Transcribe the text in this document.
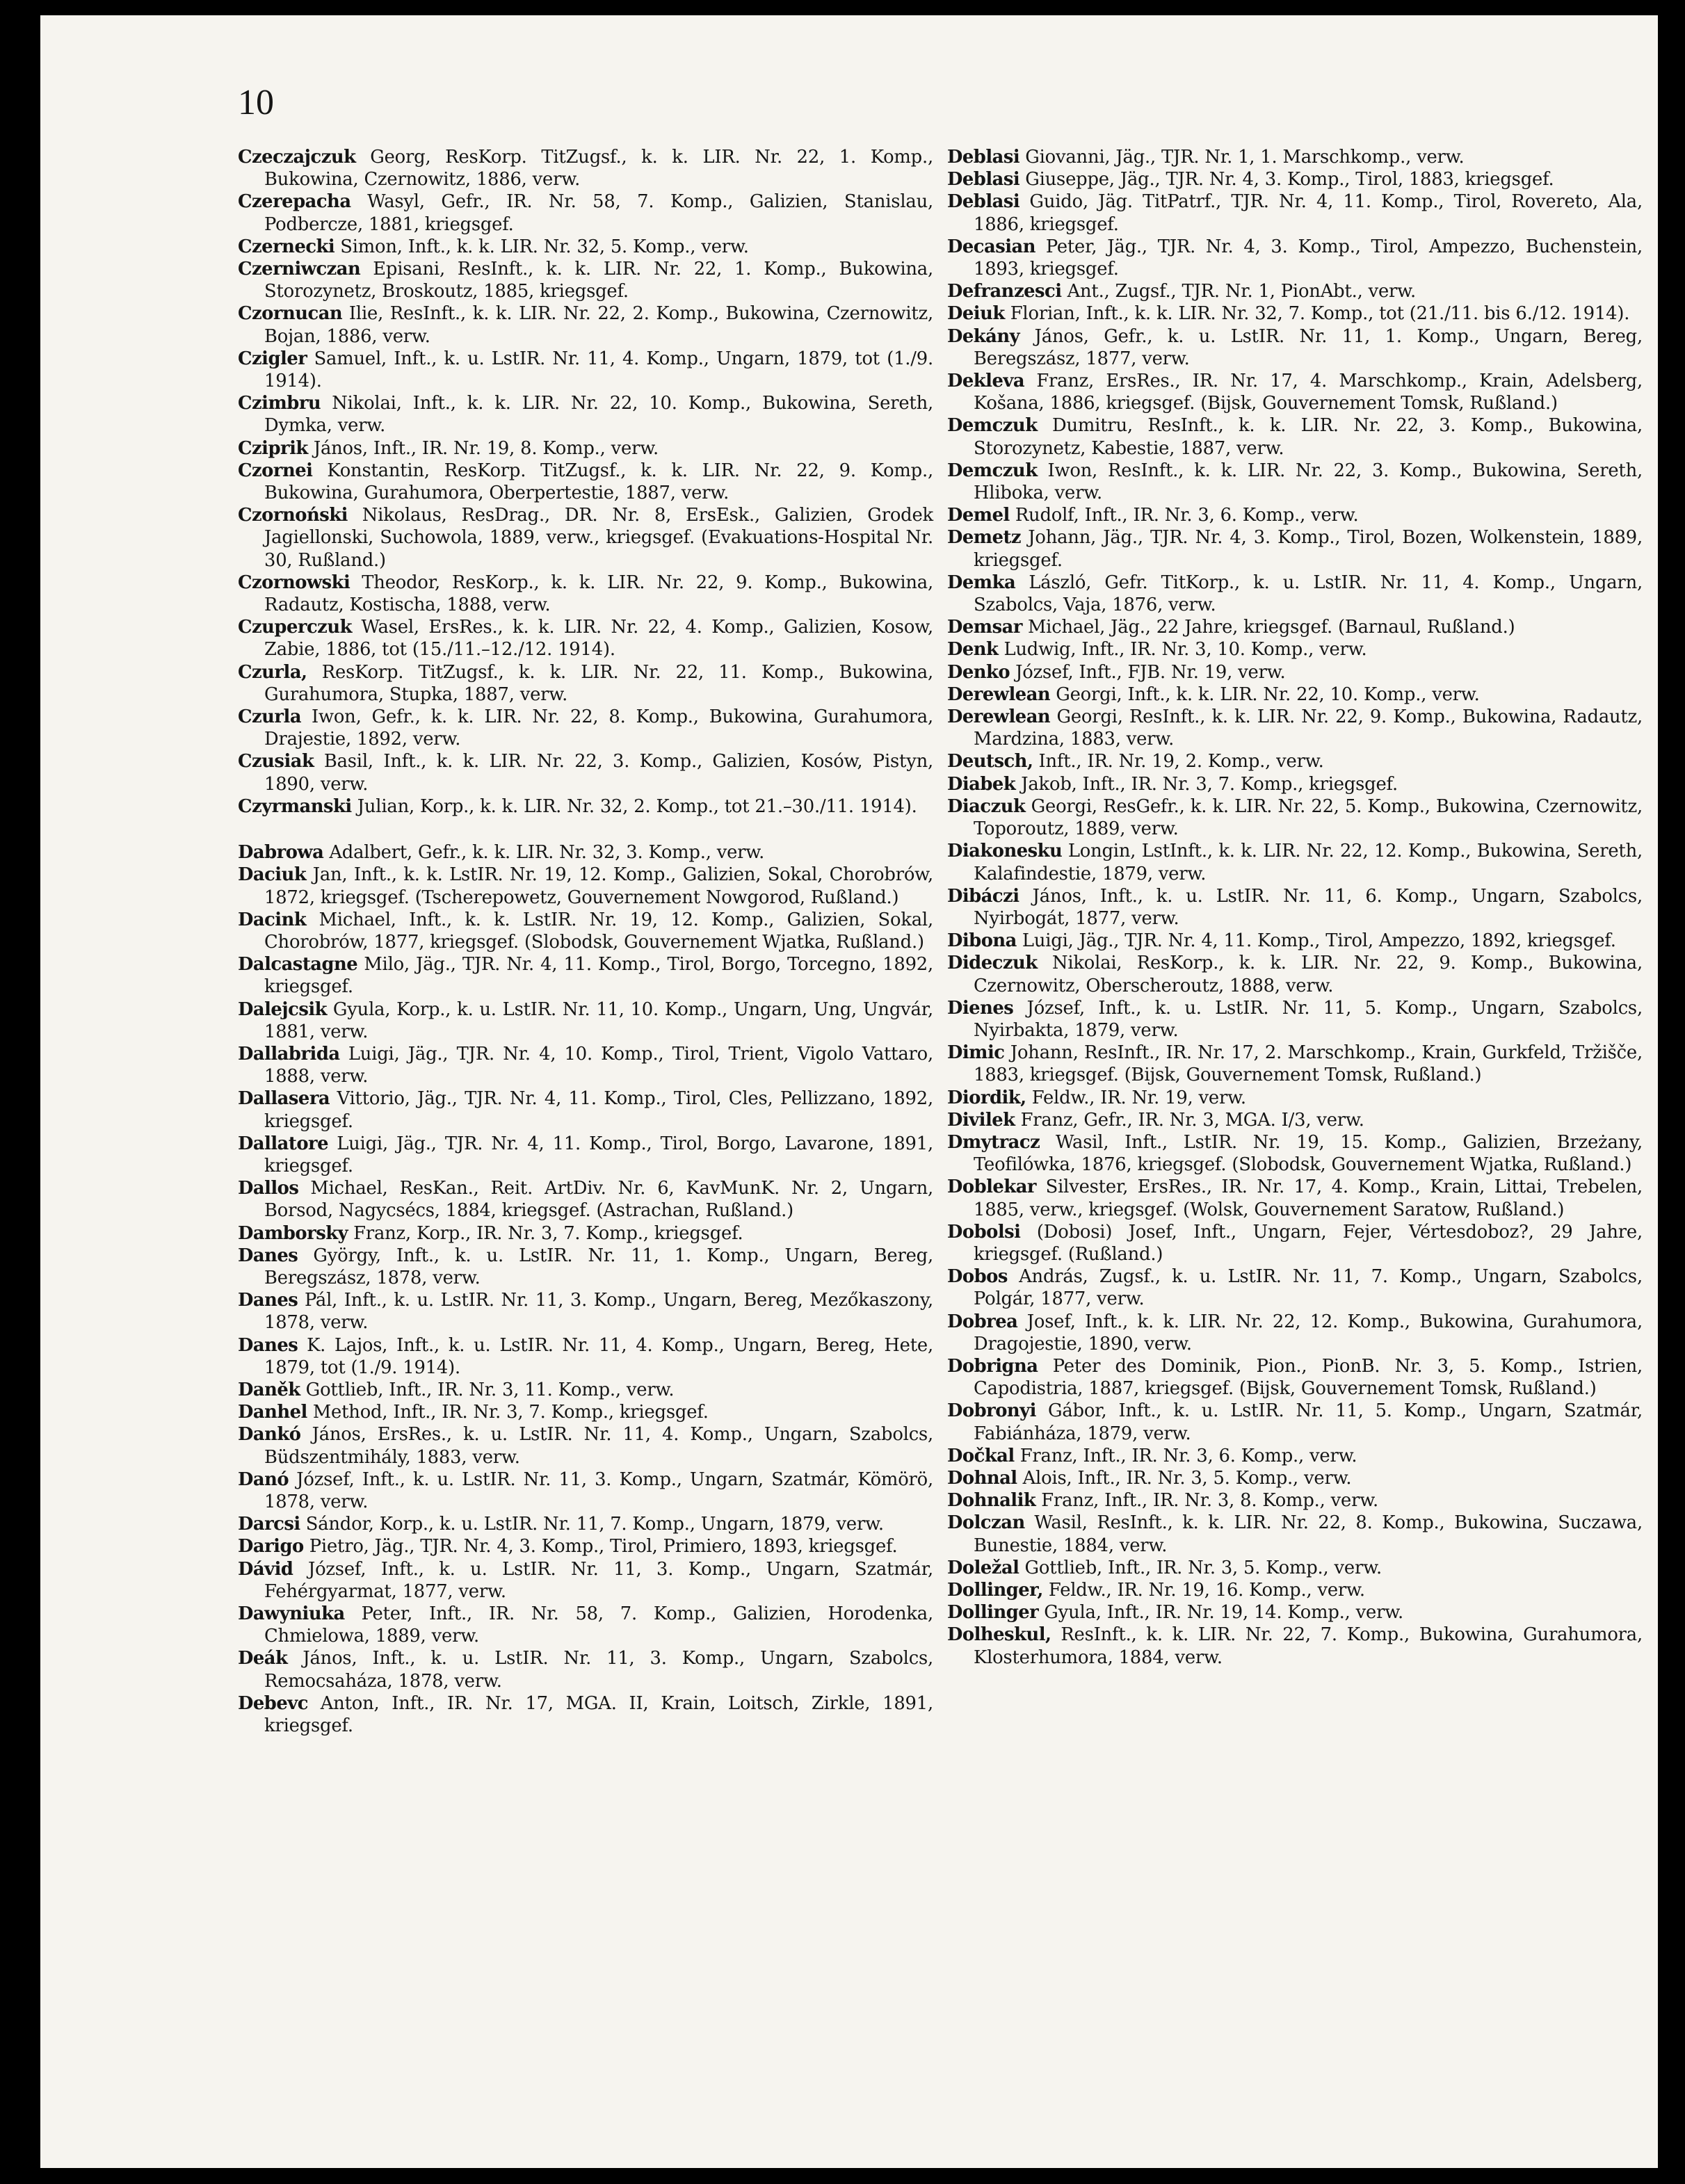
10
Czeczajczuk Georg, ResKorp. TitZugsf., k. k. LIR. Nr. 22, 1. Komp., Bukowina, Czernowitz, 1886, verw.
Czerepacha Wasyl, Gefr., IR. Nr. 58, 7. Komp., Galizien, Stanislau, Podbercze, 1881, kriegsgef.
Czernecki Simon, Inft., k. k. LIR. Nr. 32, 5. Komp., verw.
Czerniwczan Episani, ResInft., k. k. LIR. Nr. 22, 1. Komp., Bukowina, Storozynetz, Broskoutz, 1885, kriegsgef.
Czornucan Ilie, ResInft., k. k. LIR. Nr. 22, 2. Komp., Bukowina, Czernowitz, Bojan, 1886, verw.
Czigler Samuel, Inft., k. u. LstIR. Nr. 11, 4. Komp., Ungarn, 1879, tot (1./9. 1914).
Czimbru Nikolai, Inft., k. k. LIR. Nr. 22, 10. Komp., Bukowina, Sereth, Dymka, verw.
Cziprik János, Inft., IR. Nr. 19, 8. Komp., verw.
Czornei Konstantin, ResKorp. TitZugsf., k. k. LIR. Nr. 22, 9. Komp., Bukowina, Gurahumora, Oberpertestie, 1887, verw.
Czornoński Nikolaus, ResDrag., DR. Nr. 8, ErsEsk., Galizien, Grodek Jagiellonski, Suchowola, 1889, verw., kriegsgef. (Evakuations-Hospital Nr. 30, Rußland.)
Czornowski Theodor, ResKorp., k. k. LIR. Nr. 22, 9. Komp., Bukowina, Radautz, Kostischa, 1888, verw.
Czuperczuk Wasel, ErsRes., k. k. LIR. Nr. 22, 4. Komp., Galizien, Kosow, Zabie, 1886, tot (15./11.–12./12. 1914).
Czurla, ResKorp. TitZugsf., k. k. LIR. Nr. 22, 11. Komp., Bukowina, Gurahumora, Stupka, 1887, verw.
Czurla Iwon, Gefr., k. k. LIR. Nr. 22, 8. Komp., Bukowina, Gurahumora, Drajestie, 1892, verw.
Czusiak Basil, Inft., k. k. LIR. Nr. 22, 3. Komp., Galizien, Kosów, Pistyn, 1890, verw.
Czyrmanski Julian, Korp., k. k. LIR. Nr. 32, 2. Komp., tot 21.–30./11. 1914).
Dabrowa Adalbert, Gefr., k. k. LIR. Nr. 32, 3. Komp., verw.
Daciuk Jan, Inft., k. k. LstIR. Nr. 19, 12. Komp., Galizien, Sokal, Chorobrów, 1872, kriegsgef. (Tscherepowetz, Gouvernement Nowgorod, Rußland.)
Dacink Michael, Inft., k. k. LstIR. Nr. 19, 12. Komp., Galizien, Sokal, Chorobrów, 1877, kriegsgef. (Slobodsk, Gouvernement Wjatka, Rußland.)
Dalcastagne Milo, Jäg., TJR. Nr. 4, 11. Komp., Tirol, Borgo, Torcegno, 1892, kriegsgef.
Dalejcsik Gyula, Korp., k. u. LstIR. Nr. 11, 10. Komp., Ungarn, Ung, Ungvár, 1881, verw.
Dallabrida Luigi, Jäg., TJR. Nr. 4, 10. Komp., Tirol, Trient, Vigolo Vattaro, 1888, verw.
Dallasera Vittorio, Jäg., TJR. Nr. 4, 11. Komp., Tirol, Cles, Pellizzano, 1892, kriegsgef.
Dallatore Luigi, Jäg., TJR. Nr. 4, 11. Komp., Tirol, Borgo, Lavarone, 1891, kriegsgef.
Dallos Michael, ResKan., Reit. ArtDiv. Nr. 6, KavMunK. Nr. 2, Ungarn, Borsod, Nagycsécs, 1884, kriegsgef. (Astrachan, Rußland.)
Damborsky Franz, Korp., IR. Nr. 3, 7. Komp., kriegsgef.
Danes György, Inft., k. u. LstIR. Nr. 11, 1. Komp., Ungarn, Bereg, Beregszász, 1878, verw.
Danes Pál, Inft., k. u. LstIR. Nr. 11, 3. Komp., Ungarn, Bereg, Mezőkaszony, 1878, verw.
Danes K. Lajos, Inft., k. u. LstIR. Nr. 11, 4. Komp., Ungarn, Bereg, Hete, 1879, tot (1./9. 1914).
Daněk Gottlieb, Inft., IR. Nr. 3, 11. Komp., verw.
Danhel Method, Inft., IR. Nr. 3, 7. Komp., kriegsgef.
Dankó János, ErsRes., k. u. LstIR. Nr. 11, 4. Komp., Ungarn, Szabolcs, Büdszentmihály, 1883, verw.
Danó József, Inft., k. u. LstIR. Nr. 11, 3. Komp., Ungarn, Szatmár, Kömörö, 1878, verw.
Darcsi Sándor, Korp., k. u. LstIR. Nr. 11, 7. Komp., Ungarn, 1879, verw.
Darigo Pietro, Jäg., TJR. Nr. 4, 3. Komp., Tirol, Primiero, 1893, kriegsgef.
Dávid József, Inft., k. u. LstIR. Nr. 11, 3. Komp., Ungarn, Szatmár, Fehérgyarmat, 1877, verw.
Dawyniuka Peter, Inft., IR. Nr. 58, 7. Komp., Galizien, Horodenka, Chmielowa, 1889, verw.
Deák János, Inft., k. u. LstIR. Nr. 11, 3. Komp., Ungarn, Szabolcs, Remocsaháza, 1878, verw.
Debevc Anton, Inft., IR. Nr. 17, MGA. II, Krain, Loitsch, Zirkle, 1891, kriegsgef.
Deblasi Giovanni, Jäg., TJR. Nr. 1, 1. Marschkomp., verw.
Deblasi Giuseppe, Jäg., TJR. Nr. 4, 3. Komp., Tirol, 1883, kriegsgef.
Deblasi Guido, Jäg. TitPatrf., TJR. Nr. 4, 11. Komp., Tirol, Rovereto, Ala, 1886, kriegsgef.
Decasian Peter, Jäg., TJR. Nr. 4, 3. Komp., Tirol, Ampezzo, Buchenstein, 1893, kriegsgef.
Defranzesci Ant., Zugsf., TJR. Nr. 1, PionAbt., verw.
Deiuk Florian, Inft., k. k. LIR. Nr. 32, 7. Komp., tot (21./11. bis 6./12. 1914).
Dekány János, Gefr., k. u. LstIR. Nr. 11, 1. Komp., Ungarn, Bereg, Beregszász, 1877, verw.
Dekleva Franz, ErsRes., IR. Nr. 17, 4. Marschkomp., Krain, Adelsberg, Košana, 1886, kriegsgef. (Bijsk, Gouvernement Tomsk, Rußland.)
Demczuk Dumitru, ResInft., k. k. LIR. Nr. 22, 3. Komp., Bukowina, Storozynetz, Kabestie, 1887, verw.
Demczuk Iwon, ResInft., k. k. LIR. Nr. 22, 3. Komp., Bukowina, Sereth, Hliboka, verw.
Demel Rudolf, Inft., IR. Nr. 3, 6. Komp., verw.
Demetz Johann, Jäg., TJR. Nr. 4, 3. Komp., Tirol, Bozen, Wolkenstein, 1889, kriegsgef.
Demka László, Gefr. TitKorp., k. u. LstIR. Nr. 11, 4. Komp., Ungarn, Szabolcs, Vaja, 1876, verw.
Demsar Michael, Jäg., 22 Jahre, kriegsgef. (Barnaul, Rußland.)
Denk Ludwig, Inft., IR. Nr. 3, 10. Komp., verw.
Denko József, Inft., FJB. Nr. 19, verw.
Derewlean Georgi, Inft., k. k. LIR. Nr. 22, 10. Komp., verw.
Derewlean Georgi, ResInft., k. k. LIR. Nr. 22, 9. Komp., Bukowina, Radautz, Mardzina, 1883, verw.
Deutsch, Inft., IR. Nr. 19, 2. Komp., verw.
Diabek Jakob, Inft., IR. Nr. 3, 7. Komp., kriegsgef.
Diaczuk Georgi, ResGefr., k. k. LIR. Nr. 22, 5. Komp., Bukowina, Czernowitz, Toporoutz, 1889, verw.
Diakonesku Longin, LstInft., k. k. LIR. Nr. 22, 12. Komp., Bukowina, Sereth, Kalafindestie, 1879, verw.
Dibáczi János, Inft., k. u. LstIR. Nr. 11, 6. Komp., Ungarn, Szabolcs, Nyirbogát, 1877, verw.
Dibona Luigi, Jäg., TJR. Nr. 4, 11. Komp., Tirol, Ampezzo, 1892, kriegsgef.
Dideczuk Nikolai, ResKorp., k. k. LIR. Nr. 22, 9. Komp., Bukowina, Czernowitz, Oberscheroutz, 1888, verw.
Dienes József, Inft., k. u. LstIR. Nr. 11, 5. Komp., Ungarn, Szabolcs, Nyirbakta, 1879, verw.
Dimic Johann, ResInft., IR. Nr. 17, 2. Marschkomp., Krain, Gurkfeld, Tržišče, 1883, kriegsgef. (Bijsk, Gouvernement Tomsk, Rußland.)
Diordik, Feldw., IR. Nr. 19, verw.
Divilek Franz, Gefr., IR. Nr. 3, MGA. I/3, verw.
Dmytracz Wasil, Inft., LstIR. Nr. 19, 15. Komp., Galizien, Brzeżany, Teofilówka, 1876, kriegsgef. (Slobodsk, Gouvernement Wjatka, Rußland.)
Doblekar Silvester, ErsRes., IR. Nr. 17, 4. Komp., Krain, Littai, Trebelen, 1885, verw., kriegsgef. (Wolsk, Gouvernement Saratow, Rußland.)
Dobolsi (Dobosi) Josef, Inft., Ungarn, Fejer, Vértesdoboz?, 29 Jahre, kriegsgef. (Rußland.)
Dobos András, Zugsf., k. u. LstIR. Nr. 11, 7. Komp., Ungarn, Szabolcs, Polgár, 1877, verw.
Dobrea Josef, Inft., k. k. LIR. Nr. 22, 12. Komp., Bukowina, Gurahumora, Dragojestie, 1890, verw.
Dobrigna Peter des Dominik, Pion., PionB. Nr. 3, 5. Komp., Istrien, Capodistria, 1887, kriegsgef. (Bijsk, Gouvernement Tomsk, Rußland.)
Dobronyi Gábor, Inft., k. u. LstIR. Nr. 11, 5. Komp., Ungarn, Szatmár, Fabiánháza, 1879, verw.
Dočkal Franz, Inft., IR. Nr. 3, 6. Komp., verw.
Dohnal Alois, Inft., IR. Nr. 3, 5. Komp., verw.
Dohnalik Franz, Inft., IR. Nr. 3, 8. Komp., verw.
Dolczan Wasil, ResInft., k. k. LIR. Nr. 22, 8. Komp., Bukowina, Suczawa, Bunestie, 1884, verw.
Doležal Gottlieb, Inft., IR. Nr. 3, 5. Komp., verw.
Dollinger, Feldw., IR. Nr. 19, 16. Komp., verw.
Dollinger Gyula, Inft., IR. Nr. 19, 14. Komp., verw.
Dolheskul, ResInft., k. k. LIR. Nr. 22, 7. Komp., Bukowina, Gurahumora, Klosterhumora, 1884, verw.
